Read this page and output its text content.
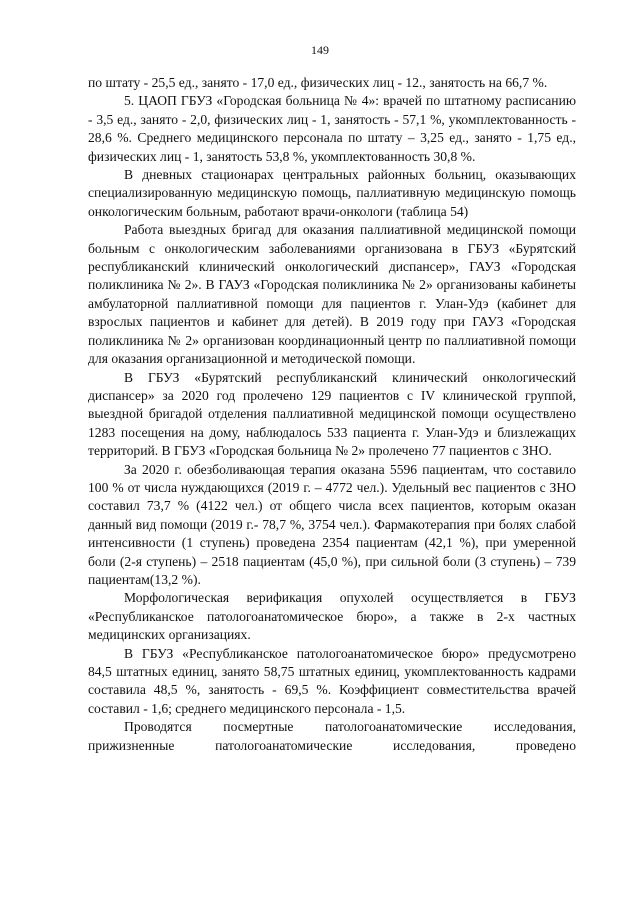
149

по штату - 25,5 ед., занято - 17,0 ед., физических лиц - 12., занятость на 66,7 %.

5. ЦАОП ГБУЗ «Городская больница № 4»: врачей по штатному расписанию - 3,5 ед., занято - 2,0, физических лиц - 1, занятость - 57,1 %, укомплектованность - 28,6 %. Среднего медицинского персонала по штату – 3,25 ед., занято - 1,75 ед., физических лиц - 1, занятость 53,8 %, укомплектованность 30,8 %.

В дневных стационарах центральных районных больниц, оказывающих специализированную медицинскую помощь, паллиативную медицинскую помощь онкологическим больным, работают врачи-онкологи (таблица 54)

Работа выездных бригад для оказания паллиативной медицинской помощи больным с онкологическим заболеваниями организована в ГБУЗ «Бурятский республиканский клинический онкологический диспансер», ГАУЗ «Городская поликлиника № 2». В ГАУЗ «Городская поликлиника № 2» организованы кабинеты амбулаторной паллиативной помощи для пациентов г. Улан-Удэ (кабинет для взрослых пациентов и кабинет для детей). В 2019 году при ГАУЗ «Городская поликлиника № 2» организован координационный центр по паллиативной помощи для оказания организационной и методической помощи.

В ГБУЗ «Бурятский республиканский клинический онкологический диспансер» за 2020 год пролечено 129 пациентов с IV клинической группой, выездной бригадой отделения паллиативной медицинской помощи осуществлено 1283 посещения на дому, наблюдалось 533 пациента г. Улан-Удэ и близлежащих территорий. В ГБУЗ «Городская больница № 2» пролечено 77 пациентов с ЗНО.

За 2020 г. обезболивающая терапия оказана 5596 пациентам, что составило 100 % от числа нуждающихся (2019 г. – 4772 чел.). Удельный вес пациентов с ЗНО составил 73,7 % (4122 чел.) от общего числа всех пациентов, которым оказан данный вид помощи (2019 г.- 78,7 %, 3754 чел.). Фармакотерапия при болях слабой интенсивности (1 ступень) проведена 2354 пациентам (42,1 %), при умеренной боли (2-я ступень) – 2518 пациентам (45,0 %), при сильной боли (3 ступень) – 739 пациентам(13,2 %).

Морфологическая верификация опухолей осуществляется в ГБУЗ «Республиканское патологоанатомическое бюро», а также в 2-х частных медицинских организациях.

В ГБУЗ «Республиканское патологоанатомическое бюро» предусмотрено 84,5 штатных единиц, занято 58,75 штатных единиц, укомплектованность кадрами составила 48,5 %, занятость - 69,5 %. Коэффициент совместительства врачей составил - 1,6; среднего медицинского персонала - 1,5.

Проводятся посмертные патологоанатомические исследования, прижизненные патологоанатомические исследования, проведено
